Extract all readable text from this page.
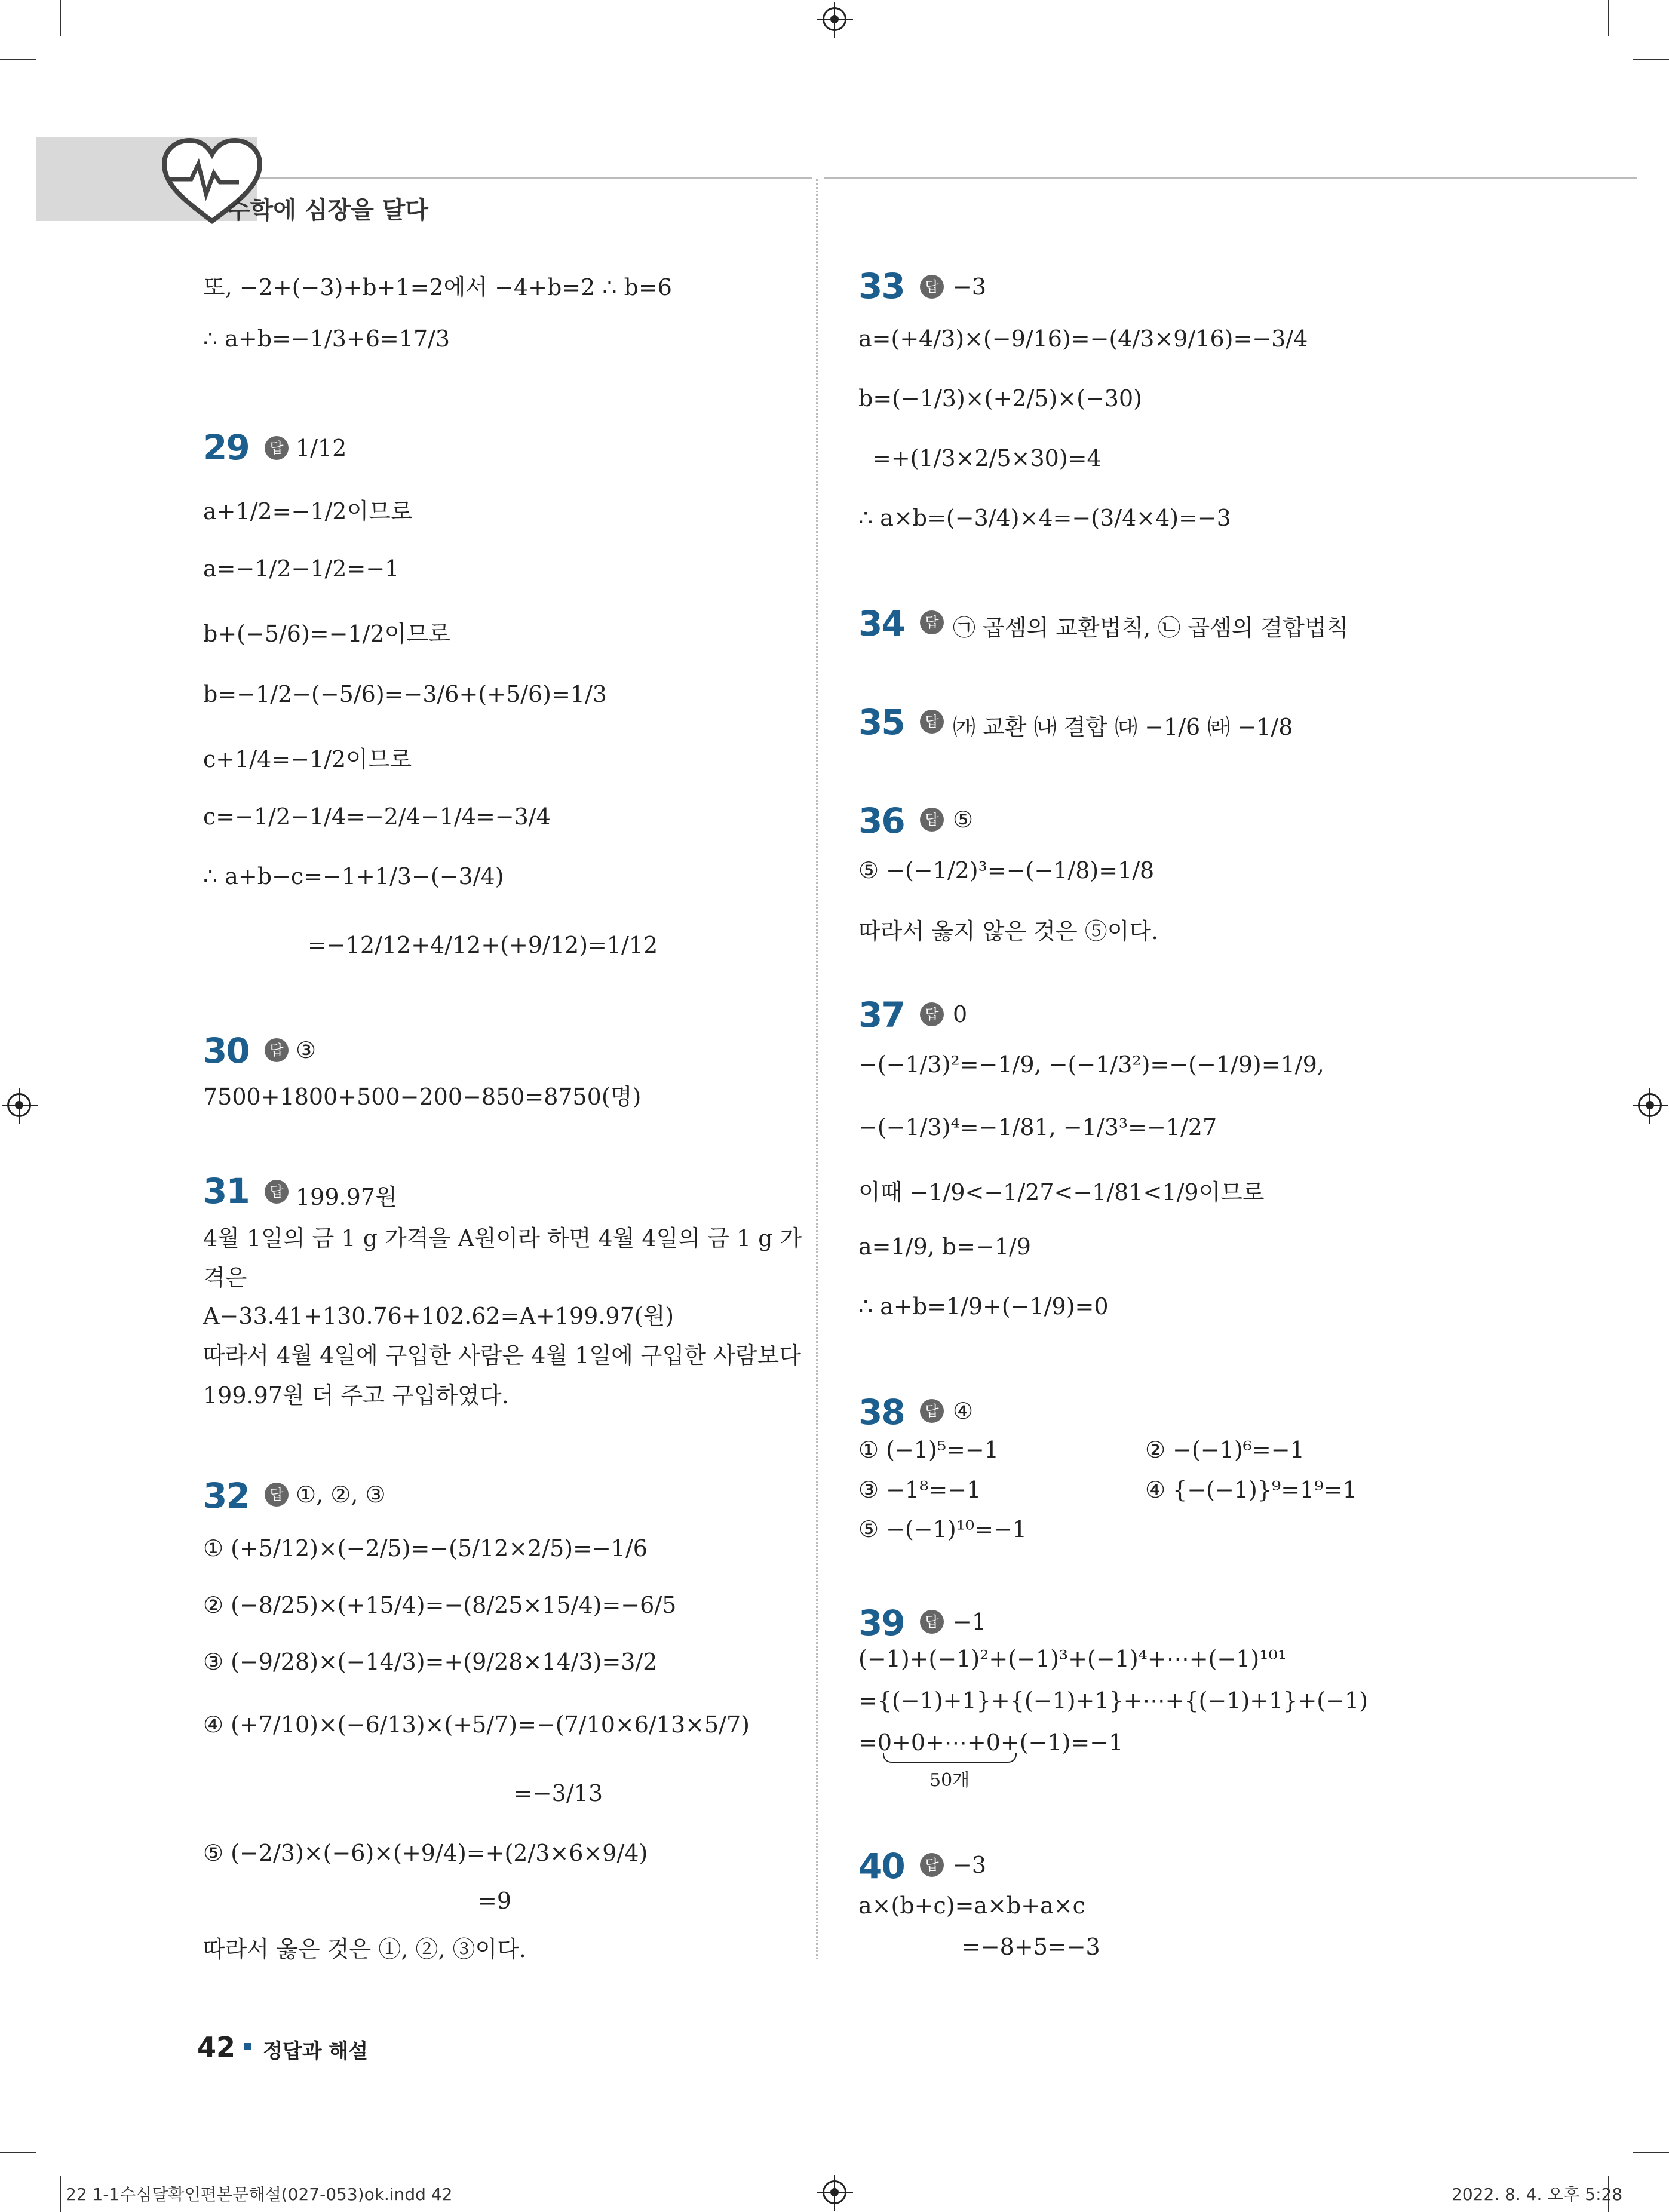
수학에 심장을 달다
또, −2+(−3)+b+1=2에서 −4+b=2 ∴ b=6
∴ a+b=−1/3+6=17/3
29	답 1/12
a+1/2=−1/2이므로
a=−1/2−1/2=−1
b+(−5/6)=−1/2이므로
b=−1/2−(−5/6)=−3/6+(+5/6)=1/3
c+1/4=−1/2이므로
c=−1/2−1/4=−2/4−1/4=−3/4
∴ a+b−c=−1+1/3−(−3/4)
=−12/12+4/12+(+9/12)=1/12
30	답 ③
7500+1800+500−200−850=8750(명)
31	답 199.97원
4월 1일의 금 1 g 가격을 A원이라 하면 4월 4일의 금 1 g 가
격은
A−33.41+130.76+102.62=A+199.97(원)
따라서 4월 4일에 구입한 사람은 4월 1일에 구입한 사람보다
199.97원 더 주고 구입하였다.
32	답 ①, ②, ③
① (+5/12)×(−2/5)=−(5/12×2/5)=−1/6
② (−8/25)×(+15/4)=−(8/25×15/4)=−6/5
③ (−9/28)×(−14/3)=+(9/28×14/3)=3/2
④ (+7/10)×(−6/13)×(+5/7)=−(7/10×6/13×5/7)
=−3/13
⑤ (−2/3)×(−6)×(+9/4)=+(2/3×6×9/4)
=9
따라서 옳은 것은 ①, ②, ③이다.
33	답 −3
a=(+4/3)×(−9/16)=−(4/3×9/16)=−3/4
b=(−1/3)×(+2/5)×(−30)
=+(1/3×2/5×30)=4
∴ a×b=(−3/4)×4=−(3/4×4)=−3
34	답 ㉠ 곱셈의 교환법칙, ㉡ 곱셈의 결합법칙
35	답 ㈎ 교환 ㈏ 결합 ㈐ −1/6 ㈑ −1/8
36	답 ⑤
⑤ −(−1/2)³=−(−1/8)=1/8
따라서 옳지 않은 것은 ⑤이다.
37	답 0
−(−1/3)²=−1/9, −(−1/3²)=−(−1/9)=1/9,
−(−1/3)⁴=−1/81, −1/3³=−1/27
이때 −1/9<−1/27<−1/81<1/9이므로
a=1/9, b=−1/9
∴ a+b=1/9+(−1/9)=0
38	답 ④
① (−1)⁵=−1	② −(−1)⁶=−1
③ −1⁸=−1	④ {−(−1)}⁹=1⁹=1
⑤ −(−1)¹⁰=−1
39	답 −1
(−1)+(−1)²+(−1)³+(−1)⁴+⋯+(−1)¹⁰¹
={(−1)+1}+{(−1)+1}+⋯+{(−1)+1}+(−1)
=0+0+⋯+0+(−1)=−1
50개
40	답 −3
a×(b+c)=a×b+a×c
=−8+5=−3
42 정답과 해설
22 1-1수심달확인편본문해설(027-053)ok.indd 42	2022. 8. 4. 오후 5:28
